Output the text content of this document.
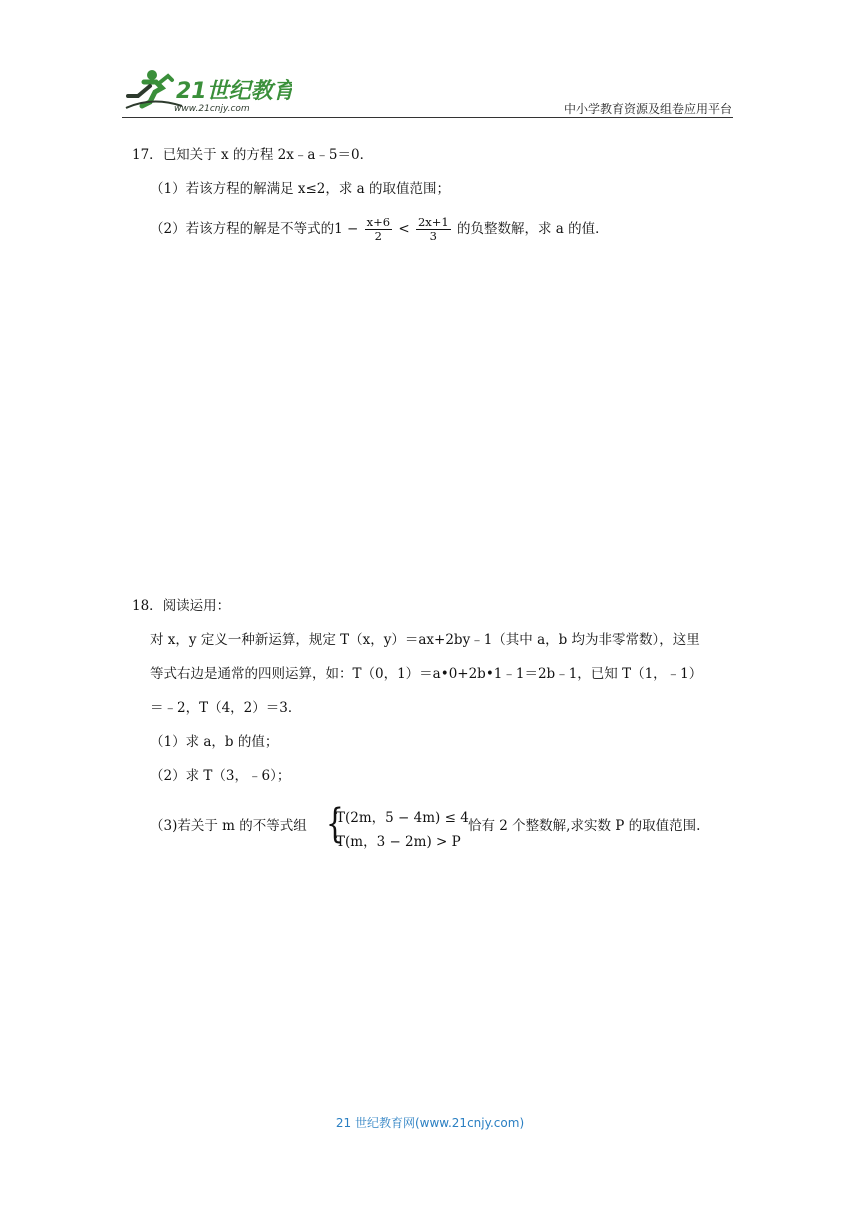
21世纪教育
www.21cnjy.com	中小学教育资源及组卷应用平台
17．已知关于 x 的方程 2x﹣a﹣5＝0．
（1）若该方程的解满足 x≤2，求 a 的取值范围；
（2）若该方程的解是不等式的$1 - \frac{x+6}{2} < \frac{2x+1}{3}$ 的负整数解，求 a 的值．
18．阅读运用：
对 x，y 定义一种新运算，规定 T（x，y）＝ax+2by﹣1（其中 a，b 均为非零常数），这里
等式右边是通常的四则运算，如：T（0，1）＝a•0+2b•1﹣1＝2b﹣1，已知 T（1，﹣1）
＝﹣2，T（4，2）＝3．
（1）求 a，b 的值；
（2）求 T（3，﹣6）；
（3)若关于 m 的不等式组 {
T(2m，5 − 4m) ≤ 4
T(m，3 − 2m) > P
恰有 2 个整数解,求实数 P 的取值范围.
21 世纪教育网(www.21cnjy.com)
